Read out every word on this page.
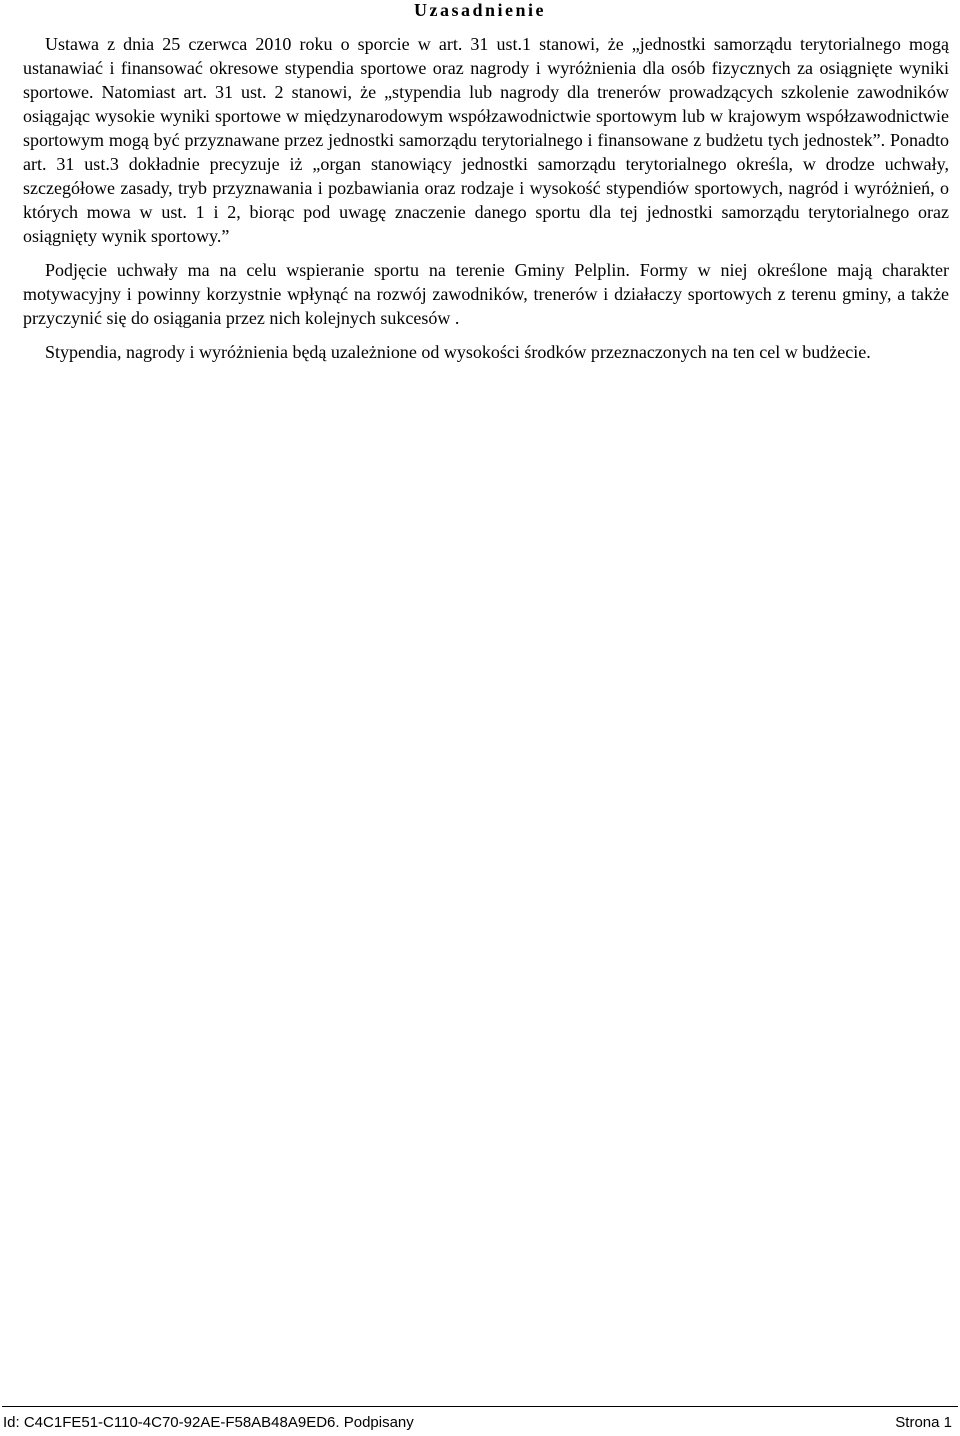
Uzasadnienie

Ustawa z dnia 25 czerwca 2010 roku o sporcie w art. 31 ust.1 stanowi, że „jednostki samorządu terytorialnego mogą ustanawiać i finansować okresowe stypendia sportowe oraz nagrody i wyróżnienia dla osób fizycznych za osiągnięte wyniki sportowe. Natomiast art. 31 ust. 2 stanowi, że „stypendia lub nagrody dla trenerów prowadzących szkolenie zawodników osiągając wysokie wyniki sportowe w międzynarodowym współzawodnictwie sportowym lub w krajowym współzawodnictwie sportowym mogą być przyznawane przez jednostki samorządu terytorialnego i finansowane z budżetu tych jednostek”. Ponadto art. 31 ust.3 dokładnie precyzuje iż „organ stanowiący jednostki samorządu terytorialnego określa, w drodze uchwały, szczegółowe zasady, tryb przyznawania i pozbawiania oraz rodzaje i wysokość stypendiów sportowych, nagród i wyróżnień, o których mowa w ust. 1 i 2, biorąc pod uwagę znaczenie danego sportu dla tej jednostki samorządu terytorialnego oraz osiągnięty wynik sportowy.”

Podjęcie uchwały ma na celu wspieranie sportu na terenie Gminy Pelplin. Formy w niej określone mają charakter motywacyjny i powinny korzystnie wpłynąć na rozwój zawodników, trenerów i działaczy sportowych z terenu gminy, a także przyczynić się do osiągania przez nich kolejnych sukcesów .

Stypendia, nagrody i wyróżnienia będą uzależnione od wysokości środków przeznaczonych na ten cel w budżecie.

Id: C4C1FE51-C110-4C70-92AE-F58AB48A9ED6. Podpisany	Strona 1
